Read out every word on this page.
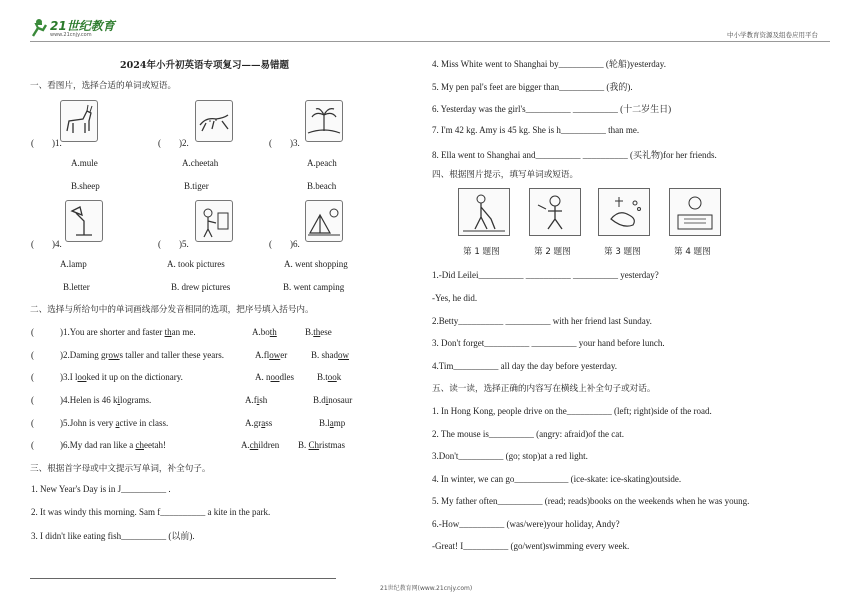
21世纪教育
www.21cnjy.com	中小学教育资源及组卷应用平台
2024年小升初英语专项复习——易错题
一、看图片，选择合适的单词或短语。
(　　)1.	(　　)2.	(　　)3.
A.mule	A.cheetah	A.peach
B.sheep	B.tiger	B.beach
(　　)4.	(　　)5.	(　　)6.
A.lamp	A. took pictures	A. went shopping
B.letter	B. drew pictures	B. went camping
二、选择与所给句中的单词画线部分发音相同的选项，把序号填入括号内。
(	)1.You are shorter and faster than me.	A.both	B.these
(	)2.Daming grows taller and taller these years.	A.flower	B. shadow
(	)3.I looked it up on the dictionary.	A. noodles	B.took
(	)4.Helen is 46 kilograms.	A.fish	B.dinosaur
(	)5.John is very active in class.	A.grass	B.lamp
(	)6.My dad ran like a cheetah!	A.children B. Christmas
三、根据首字母或中文提示写单词，补全句子。
1. New Year's Day is in J__________ .
2. It was windy this morning. Sam f__________ a kite in the park.
3. I didn't like eating fish__________ (以前).
4. Miss White went to Shanghai by__________ (轮船)yesterday.
5. My pen pal's feet are bigger than__________ (我的).
6. Yesterday was the girl's__________ __________ (十二岁生日)
7. I'm 42 kg. Amy is 45 kg. She is h__________ than me.
8. Ella went to Shanghai and__________ __________ (买礼物)for her friends.
四、根据图片提示，填写单词或短语。
第 1 题图	第 2 题图	第 3 题图	第 4 题图
1.-Did Leilei__________ __________ __________ yesterday?
-Yes, he did.
2.Betty__________ __________ with her friend last Sunday.
3. Don't forget__________ __________ your hand before lunch.
4.Tim__________ all day the day before yesterday.
五、读一读，选择正确的内容写在横线上补全句子或对话。
1. In Hong Kong, people drive on the__________ (left; right)side of the road.
2. The mouse is__________ (angry: afraid)of the cat.
3.Don't__________ (go; stop)at a red light.
4. In winter, we can go____________ (ice-skate: ice-skating)outside.
5. My father often__________ (read; reads)books on the weekends when he was young.
6.-How__________ (was/were)your holiday, Andy?
-Great! I__________ (go/went)swimming every week.
21世纪教育网(www.21cnjy.com)
